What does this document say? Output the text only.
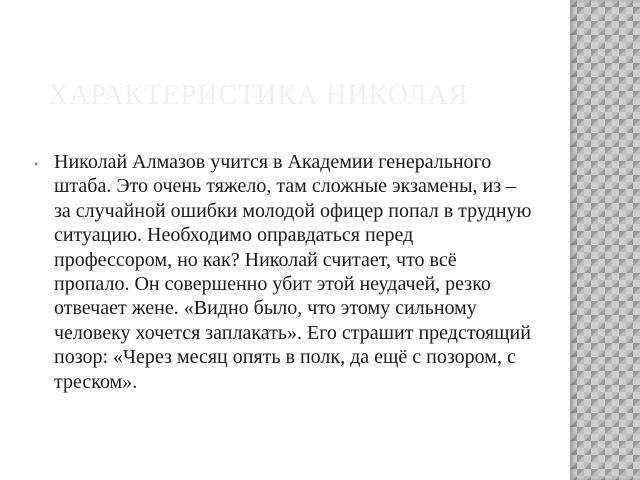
ХАРАКТЕРИСТИКА НИКОЛАЯ
• Николай Алмазов учится в Академии генерального штаба. Это очень тяжело, там сложные экзамены, из – за случайной ошибки молодой офицер попал в трудную ситуацию. Необходимо оправдаться перед профессором, но как? Николай считает, что всё пропало. Он совершенно убит этой неудачей, резко отвечает жене. «Видно было, что этому сильному человеку хочется заплакать». Его страшит предстоящий позор: «Через месяц опять в полк, да ещё с позором, с треском».
